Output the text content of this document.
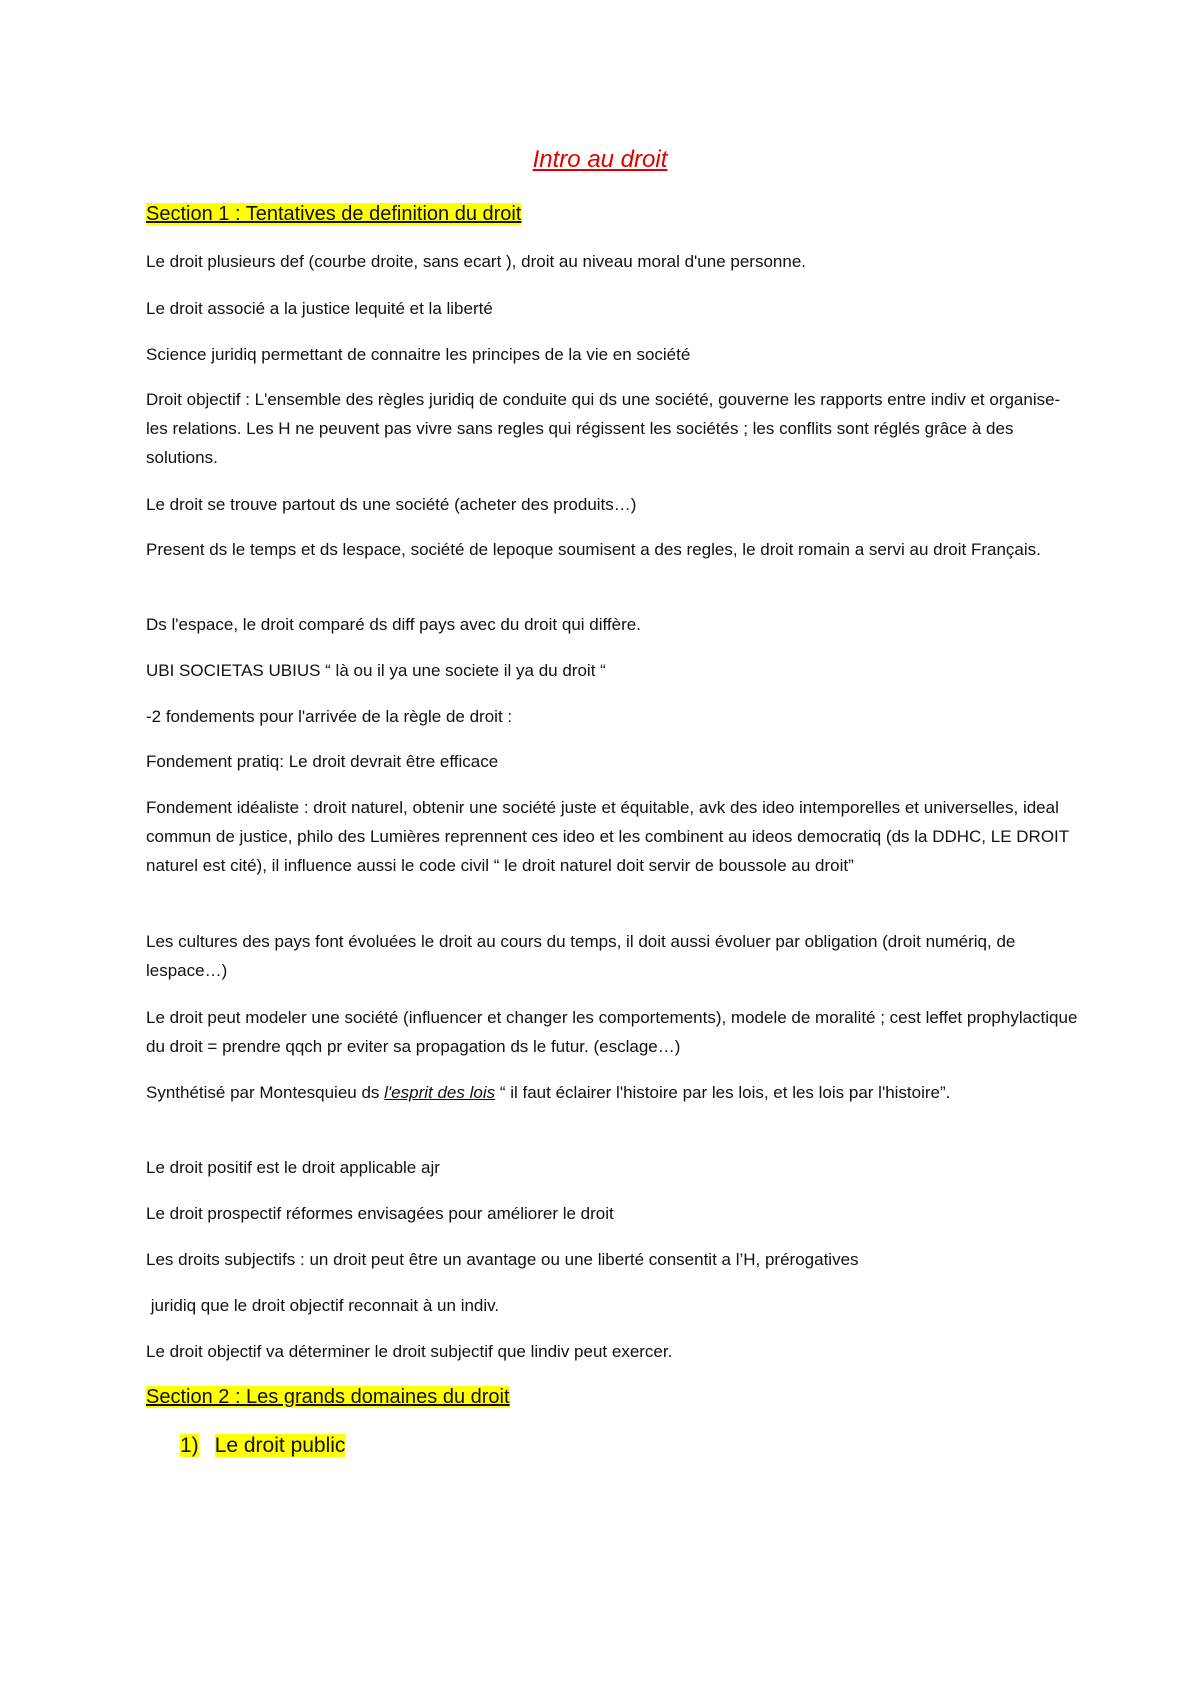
Intro au droit
Section 1 : Tentatives de definition du droit
Le droit plusieurs def (courbe droite, sans ecart ), droit au niveau moral d'une personne.
Le droit associé a la justice lequité et la liberté
Science juridiq permettant de connaitre les principes de la vie en société
Droit objectif : L'ensemble des règles juridiq de conduite qui ds une société, gouverne les rapports entre indiv et organise-les relations. Les H ne peuvent pas vivre sans regles qui régissent les sociétés ; les conflits sont réglés grâce à des solutions.
Le droit se trouve partout ds une société (acheter des produits…)
Present ds le temps et ds lespace, société de lepoque soumisent a des regles, le droit romain a servi au droit Français.
Ds l'espace, le droit comparé ds diff pays avec du droit qui diffère.
UBI SOCIETAS UBIUS “ là ou il ya une societe il ya du droit “
-2 fondements pour l'arrivée de la règle de droit :
Fondement pratiq: Le droit devrait être efficace
Fondement idéaliste : droit naturel, obtenir une société juste et équitable, avk des ideo intemporelles et universelles, ideal commun de justice, philo des Lumières reprennent ces ideo et les combinent au ideos democratiq (ds la DDHC, LE DROIT naturel est cité), il influence aussi le code civil “ le droit naturel doit servir de boussole au droit”
Les cultures des pays font évoluées le droit au cours du temps, il doit aussi évoluer par obligation (droit numériq, de lespace…)
Le droit peut modeler une société (influencer et changer les comportements), modele de moralité ; cest leffet prophylactique du droit = prendre qqch pr eviter sa propagation ds le futur. (esclage…)
Synthétisé par Montesquieu ds l'esprit des lois “ il faut éclairer l'histoire par les lois, et les lois par l'histoire”.
Le droit positif est le droit applicable ajr
Le droit prospectif réformes envisagées pour améliorer le droit
Les droits subjectifs : un droit peut être un avantage ou une liberté consentit a l’H, prérogatives
juridiq que le droit objectif reconnait à un indiv.
Le droit objectif va déterminer le droit subjectif que lindiv peut exercer.
Section 2 : Les grands domaines du droit
1) Le droit public
